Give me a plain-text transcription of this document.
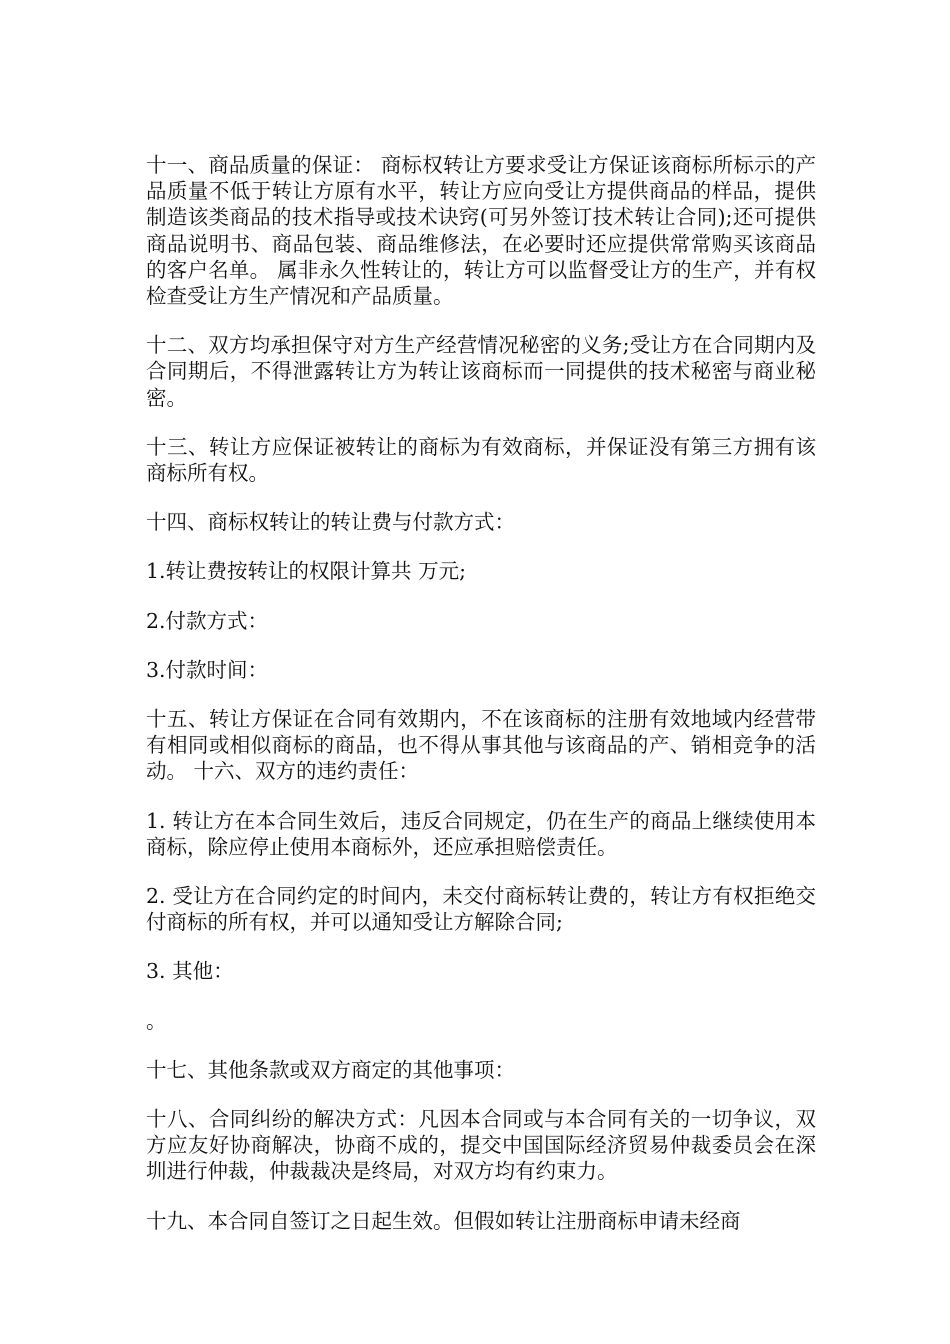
十一、商品质量的保证： 商标权转让方要求受让方保证该商标所标示的产品质量不低于转让方原有水平，转让方应向受让方提供商品的样品，提供制造该类商品的技术指导或技术诀窍(可另外签订技术转让合同);还可提供商品说明书、商品包装、商品维修法，在必要时还应提供常常购买该商品的客户名单。 属非永久性转让的，转让方可以监督受让方的生产，并有权检查受让方生产情况和产品质量。

十二、双方均承担保守对方生产经营情况秘密的义务;受让方在合同期内及合同期后，不得泄露转让方为转让该商标而一同提供的技术秘密与商业秘密。

十三、转让方应保证被转让的商标为有效商标，并保证没有第三方拥有该商标所有权。

十四、商标权转让的转让费与付款方式：

1.转让费按转让的权限计算共 万元;

2.付款方式：

3.付款时间：

十五、转让方保证在合同有效期内，不在该商标的注册有效地域内经营带有相同或相似商标的商品，也不得从事其他与该商品的产、销相竞争的活动。 十六、双方的违约责任：

1. 转让方在本合同生效后，违反合同规定，仍在生产的商品上继续使用本商标，除应停止使用本商标外，还应承担赔偿责任。

2. 受让方在合同约定的时间内，未交付商标转让费的，转让方有权拒绝交付商标的所有权，并可以通知受让方解除合同;

3. 其他：

。

十七、其他条款或双方商定的其他事项：

十八、合同纠纷的解决方式：凡因本合同或与本合同有关的一切争议，双方应友好协商解决，协商不成的，提交中国国际经济贸易仲裁委员会在深圳进行仲裁，仲裁裁决是终局，对双方均有约束力。

十九、本合同自签订之日起生效。但假如转让注册商标申请未经商
